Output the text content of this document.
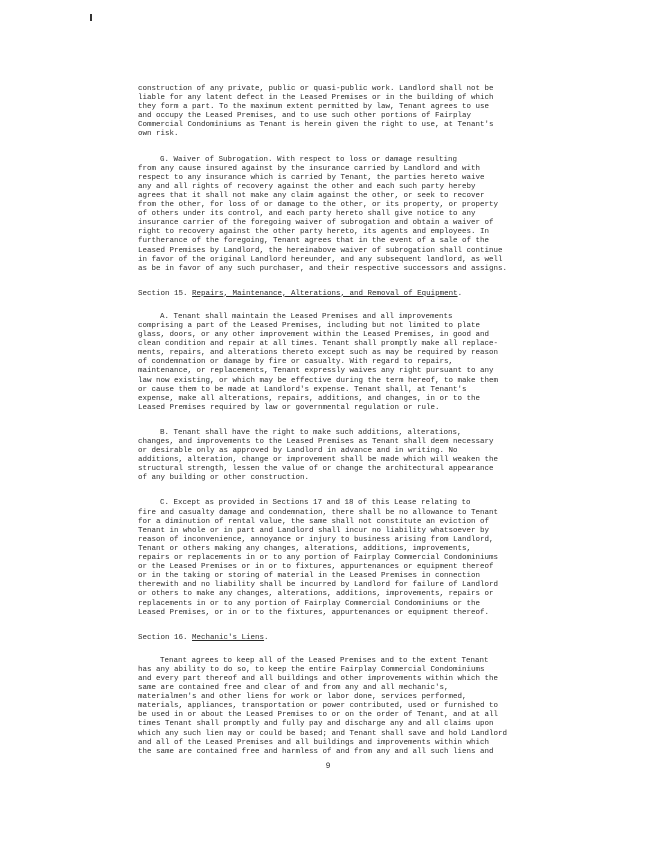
construction of any private, public or quasi-public work. Landlord shall not be
liable for any latent defect in the Leased Premises or in the building of which
they form a part. To the maximum extent permitted by law, Tenant agrees to use
and occupy the Leased Premises, and to use such other portions of Fairplay
Commercial Condominiums as Tenant is herein given the right to use, at Tenant's
own risk.
G. Waiver of Subrogation. With respect to loss or damage resulting
from any cause insured against by the insurance carried by Landlord and with
respect to any insurance which is carried by Tenant, the parties hereto waive
any and all rights of recovery against the other and each such party hereby
agrees that it shall not make any claim against the other, or seek to recover
from the other, for loss of or damage to the other, or its property, or property
of others under its control, and each party hereto shall give notice to any
insurance carrier of the foregoing waiver of subrogation and obtain a waiver of
right to recovery against the other party hereto, its agents and employees. In
furtherance of the foregoing, Tenant agrees that in the event of a sale of the
Leased Premises by Landlord, the hereinabove waiver of subrogation shall continue
in favor of the original Landlord hereunder, and any subsequent landlord, as well
as be in favor of any such purchaser, and their respective successors and assigns.
Section 15. Repairs, Maintenance, Alterations, and Removal of Equipment.
A. Tenant shall maintain the Leased Premises and all improvements
comprising a part of the Leased Premises, including but not limited to plate
glass, doors, or any other improvement within the Leased Premises, in good and
clean condition and repair at all times. Tenant shall promptly make all replace-
ments, repairs, and alterations thereto except such as may be required by reason
of condemnation or damage by fire or casualty. With regard to repairs,
maintenance, or replacements, Tenant expressly waives any right pursuant to any
law now existing, or which may be effective during the term hereof, to make them
or cause them to be made at Landlord's expense. Tenant shall, at Tenant's
expense, make all alterations, repairs, additions, and changes, in or to the
Leased Premises required by law or governmental regulation or rule.
B. Tenant shall have the right to make such additions, alterations,
changes, and improvements to the Leased Premises as Tenant shall deem necessary
or desirable only as approved by Landlord in advance and in writing. No
additions, alteration, change or improvement shall be made which will weaken the
structural strength, lessen the value of or change the architectural appearance
of any building or other construction.
C. Except as provided in Sections 17 and 18 of this Lease relating to
fire and casualty damage and condemnation, there shall be no allowance to Tenant
for a diminution of rental value, the same shall not constitute an eviction of
Tenant in whole or in part and Landlord shall incur no liability whatsoever by
reason of inconvenience, annoyance or injury to business arising from Landlord,
Tenant or others making any changes, alterations, additions, improvements,
repairs or replacements in or to any portion of Fairplay Commercial Condominiums
or the Leased Premises or in or to fixtures, appurtenances or equipment thereof
or in the taking or storing of material in the Leased Premises in connection
therewith and no liability shall be incurred by Landlord for failure of Landlord
or others to make any changes, alterations, additions, improvements, repairs or
replacements in or to any portion of Fairplay Commercial Condominiums or the
Leased Premises, or in or to the fixtures, appurtenances or equipment thereof.
Section 16. Mechanic's Liens.
Tenant agrees to keep all of the Leased Premises and to the extent Tenant
has any ability to do so, to keep the entire Fairplay Commercial Condominiums
and every part thereof and all buildings and other improvements within which the
same are contained free and clear of and from any and all mechanic's,
materialmen's and other liens for work or labor done, services performed,
materials, appliances, transportation or power contributed, used or furnished to
be used in or about the Leased Premises to or on the order of Tenant, and at all
times Tenant shall promptly and fully pay and discharge any and all claims upon
which any such lien may or could be based; and Tenant shall save and hold Landlord
and all of the Leased Premises and all buildings and improvements within which
the same are contained free and harmless of and from any and all such liens and
9
